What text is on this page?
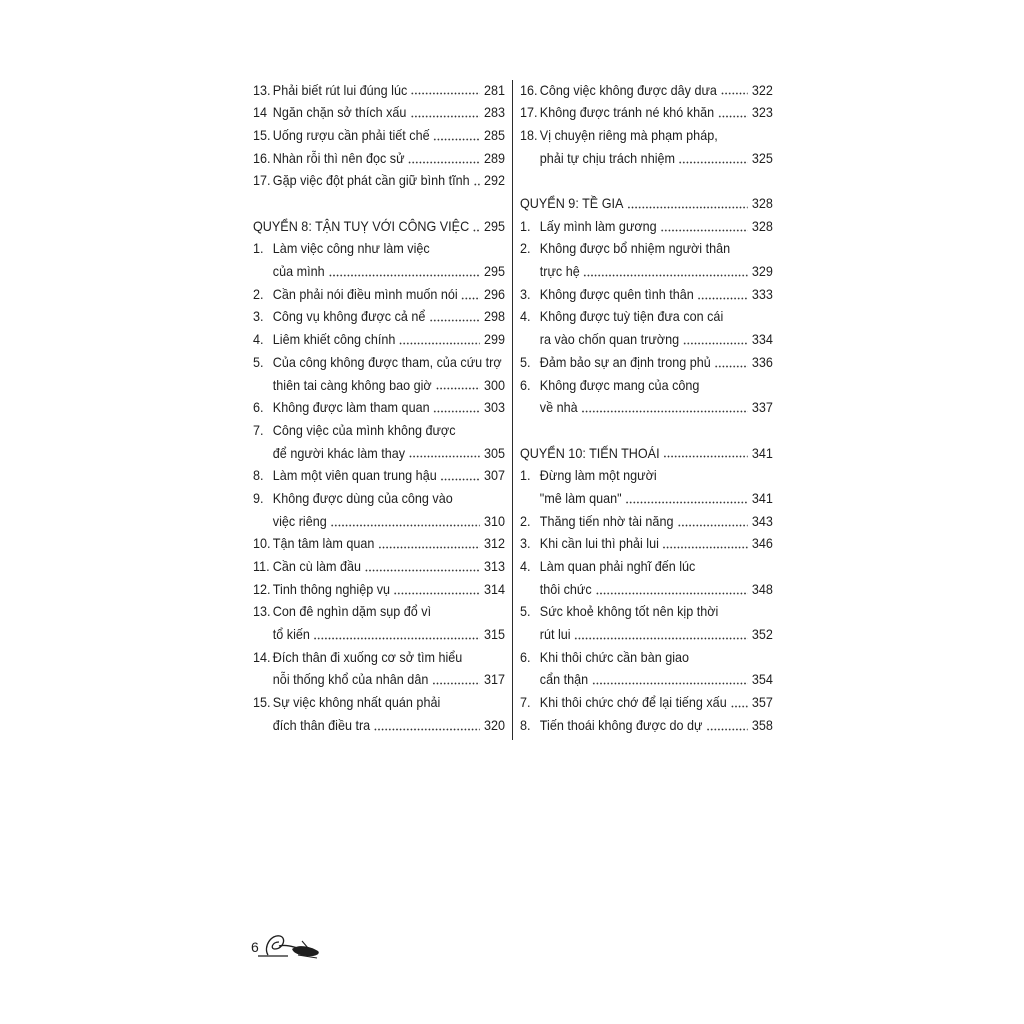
13. Phải biết rút lui đúng lúc	281
14 Ngăn chặn sở thích xấu	283
15. Uống rượu cần phải tiết chế	285
16. Nhàn rỗi thì nên đọc sử	289
17. Gặp việc đột phát cần giữ bình tĩnh 292
QUYỂN 8: TẬN TUỴ VỚI CÔNG VIỆC 295
1. Làm việc công như làm việc
của mình	295
2. Cần phải nói điều mình muốn nói 296
3. Công vụ không được cả nể	298
4. Liêm khiết công chính	299
5. Của công không được tham, của cứu trợ
thiên tai càng không bao giờ	300
6. Không được làm tham quan	303
7. Công việc của mình không được
để người khác làm thay	305
8. Làm một viên quan trung hậu	307
9. Không được dùng của công vào
việc riêng	310
10. Tận tâm làm quan	312
11. Cần cù làm đầu	313
12. Tinh thông nghiệp vụ	314
13. Con đê nghìn dặm sụp đổ vì
tổ kiến	315
14. Đích thân đi xuống cơ sở tìm hiểu
nỗi thống khổ của nhân dân	317
15. Sự việc không nhất quán phải
đích thân điều tra	320
16. Công việc không được dây dưa 322
17. Không được tránh né khó khăn	323
18. Vị chuyện riêng mà phạm pháp,
phải tự chịu trách nhiệm	325
QUYỂN 9: TỀ GIA	328
1. Lấy mình làm gương	328
2. Không được bổ nhiệm người thân
trực hệ	329
3. Không được quên tình thân	333
4. Không được tuỳ tiện đưa con cái
ra vào chốn quan trường	334
5. Đảm bảo sự an định trong phủ	336
6. Không được mang của công
về nhà	337
QUYỂN 10: TIẾN THOÁI	341
1. Đừng làm một người
"mê làm quan"	341
2. Thăng tiến nhờ tài năng	343
3. Khi cần lui thì phải lui	346
4. Làm quan phải nghĩ đến lúc
thôi chức	348
5. Sức khoẻ không tốt nên kịp thời
rút lui	352
6. Khi thôi chức cần bàn giao
cẩn thận	354
7. Khi thôi chức chớ để lại tiếng xấu 357
8. Tiến thoái không được do dự	358
6
